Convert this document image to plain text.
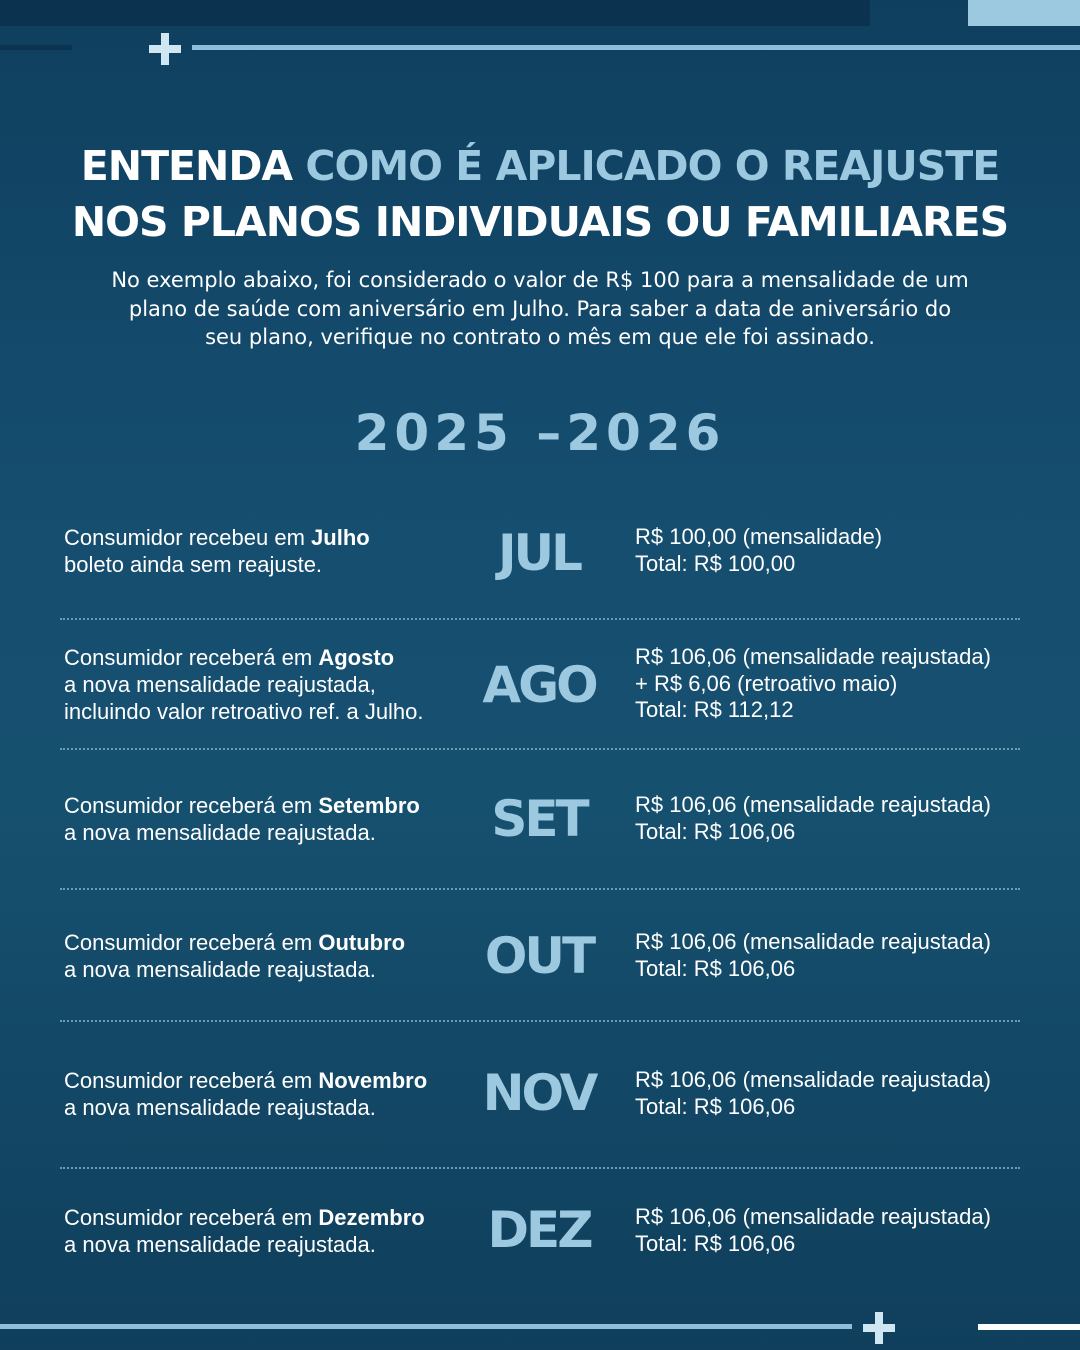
ENTENDA COMO É APLICADO O REAJUSTE
NOS PLANOS INDIVIDUAIS OU FAMILIARES
No exemplo abaixo, foi considerado o valor de R$ 100 para a mensalidade de um
plano de saúde com aniversário em Julho. Para saber a data de aniversário do
seu plano, verifique no contrato o mês em que ele foi assinado.
2025 –2026
Consumidor recebeu em Julho
boleto ainda sem reajuste.	JUL	R$ 100,00 (mensalidade)
Total: R$ 100,00
Consumidor receberá em Agosto
a nova mensalidade reajustada,
incluindo valor retroativo ref. a Julho.	AGO	R$ 106,06 (mensalidade reajustada)
+ R$ 6,06 (retroativo maio)
Total: R$ 112,12
Consumidor receberá em Setembro
a nova mensalidade reajustada.	SET	R$ 106,06 (mensalidade reajustada)
Total: R$ 106,06
Consumidor receberá em Outubro
a nova mensalidade reajustada.	OUT	R$ 106,06 (mensalidade reajustada)
Total: R$ 106,06
Consumidor receberá em Novembro
a nova mensalidade reajustada.	NOV	R$ 106,06 (mensalidade reajustada)
Total: R$ 106,06
Consumidor receberá em Dezembro
a nova mensalidade reajustada.	DEZ	R$ 106,06 (mensalidade reajustada)
Total: R$ 106,06
